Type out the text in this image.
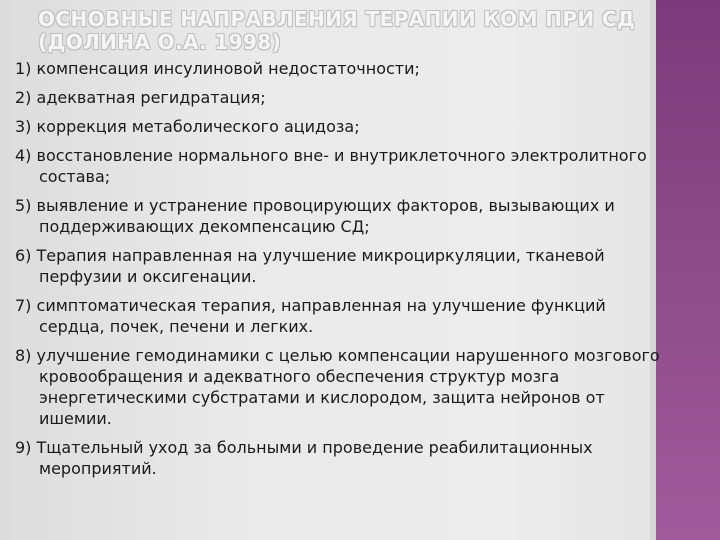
ОСНОВНЫЕ НАПРАВЛЕНИЯ ТЕРАПИИ КОМ ПРИ СД
(ДОЛИНА О.А. 1998)
1) компенсация инсулиновой недостаточности;
2) адекватная регидратация;
3) коррекция метаболического ацидоза;
4) восстановление нормального вне- и внутриклеточного электролитного состава;
5) выявление и устранение провоцирующих факторов, вызывающих и поддерживающих декомпенсацию СД;
6) Терапия направленная на улучшение микроциркуляции, тканевой перфузии и оксигенации.
7) симптоматическая терапия, направленная на улучшение функций сердца, почек, печени и легких.
8) улучшение гемодинамики с целью компенсации нарушенного мозгового кровообращения и адекватного обеспечения структур мозга энергетическими субстратами и кислородом, защита нейронов от ишемии.
9) Тщательный уход за больными и проведение реабилитационных мероприятий.
